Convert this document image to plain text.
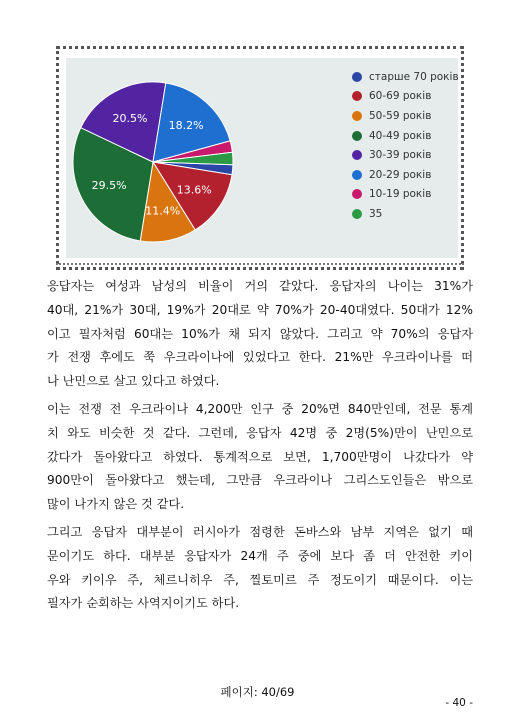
13.6%
11.4%
29.5%
20.5%
18.2%
старше 70 років
60-69 років
50-59 років
40-49 років
30-39 років
20-29 років
10-19 років
35

응답자는 여성과 남성의 비율이 거의 같았다. 응답자의 나이는 31%가
40대, 21%가 30대, 19%가 20대로 약 70%가 20-40대였다. 50대가 12%
이고 필자처럼 60대는 10%가 채 되지 않았다. 그리고 약 70%의 응답자
가 전쟁 후에도 쭉 우크라이나에 있었다고 한다. 21%만 우크라이나를 떠
나 난민으로 살고 있다고 하였다.

이는 전쟁 전 우크라이나 4,200만 인구 중 20%면 840만인데, 전문 통계
치 와도 비슷한 것 같다. 그런데, 응답자 42명 중 2명(5%)만이 난민으로
갔다가 돌아왔다고 하였다. 통계적으로 보면, 1,700만명이 나갔다가 약
900만이 돌아왔다고 했는데, 그만큼 우크라이나 그리스도인들은 밖으로
많이 나가지 않은 것 같다.

그리고 응답자 대부분이 러시아가 점령한 돈바스와 남부 지역은 없기 때
문이기도 하다. 대부분 응답자가 24개 주 중에 보다 좀 더 안전한 키이
우와 키이우 주, 체르니히우 주, 찔토미르 주 정도이기 때문이다. 이는
필자가 순회하는 사역지이기도 하다.

페이지: 40/69
- 40 -
